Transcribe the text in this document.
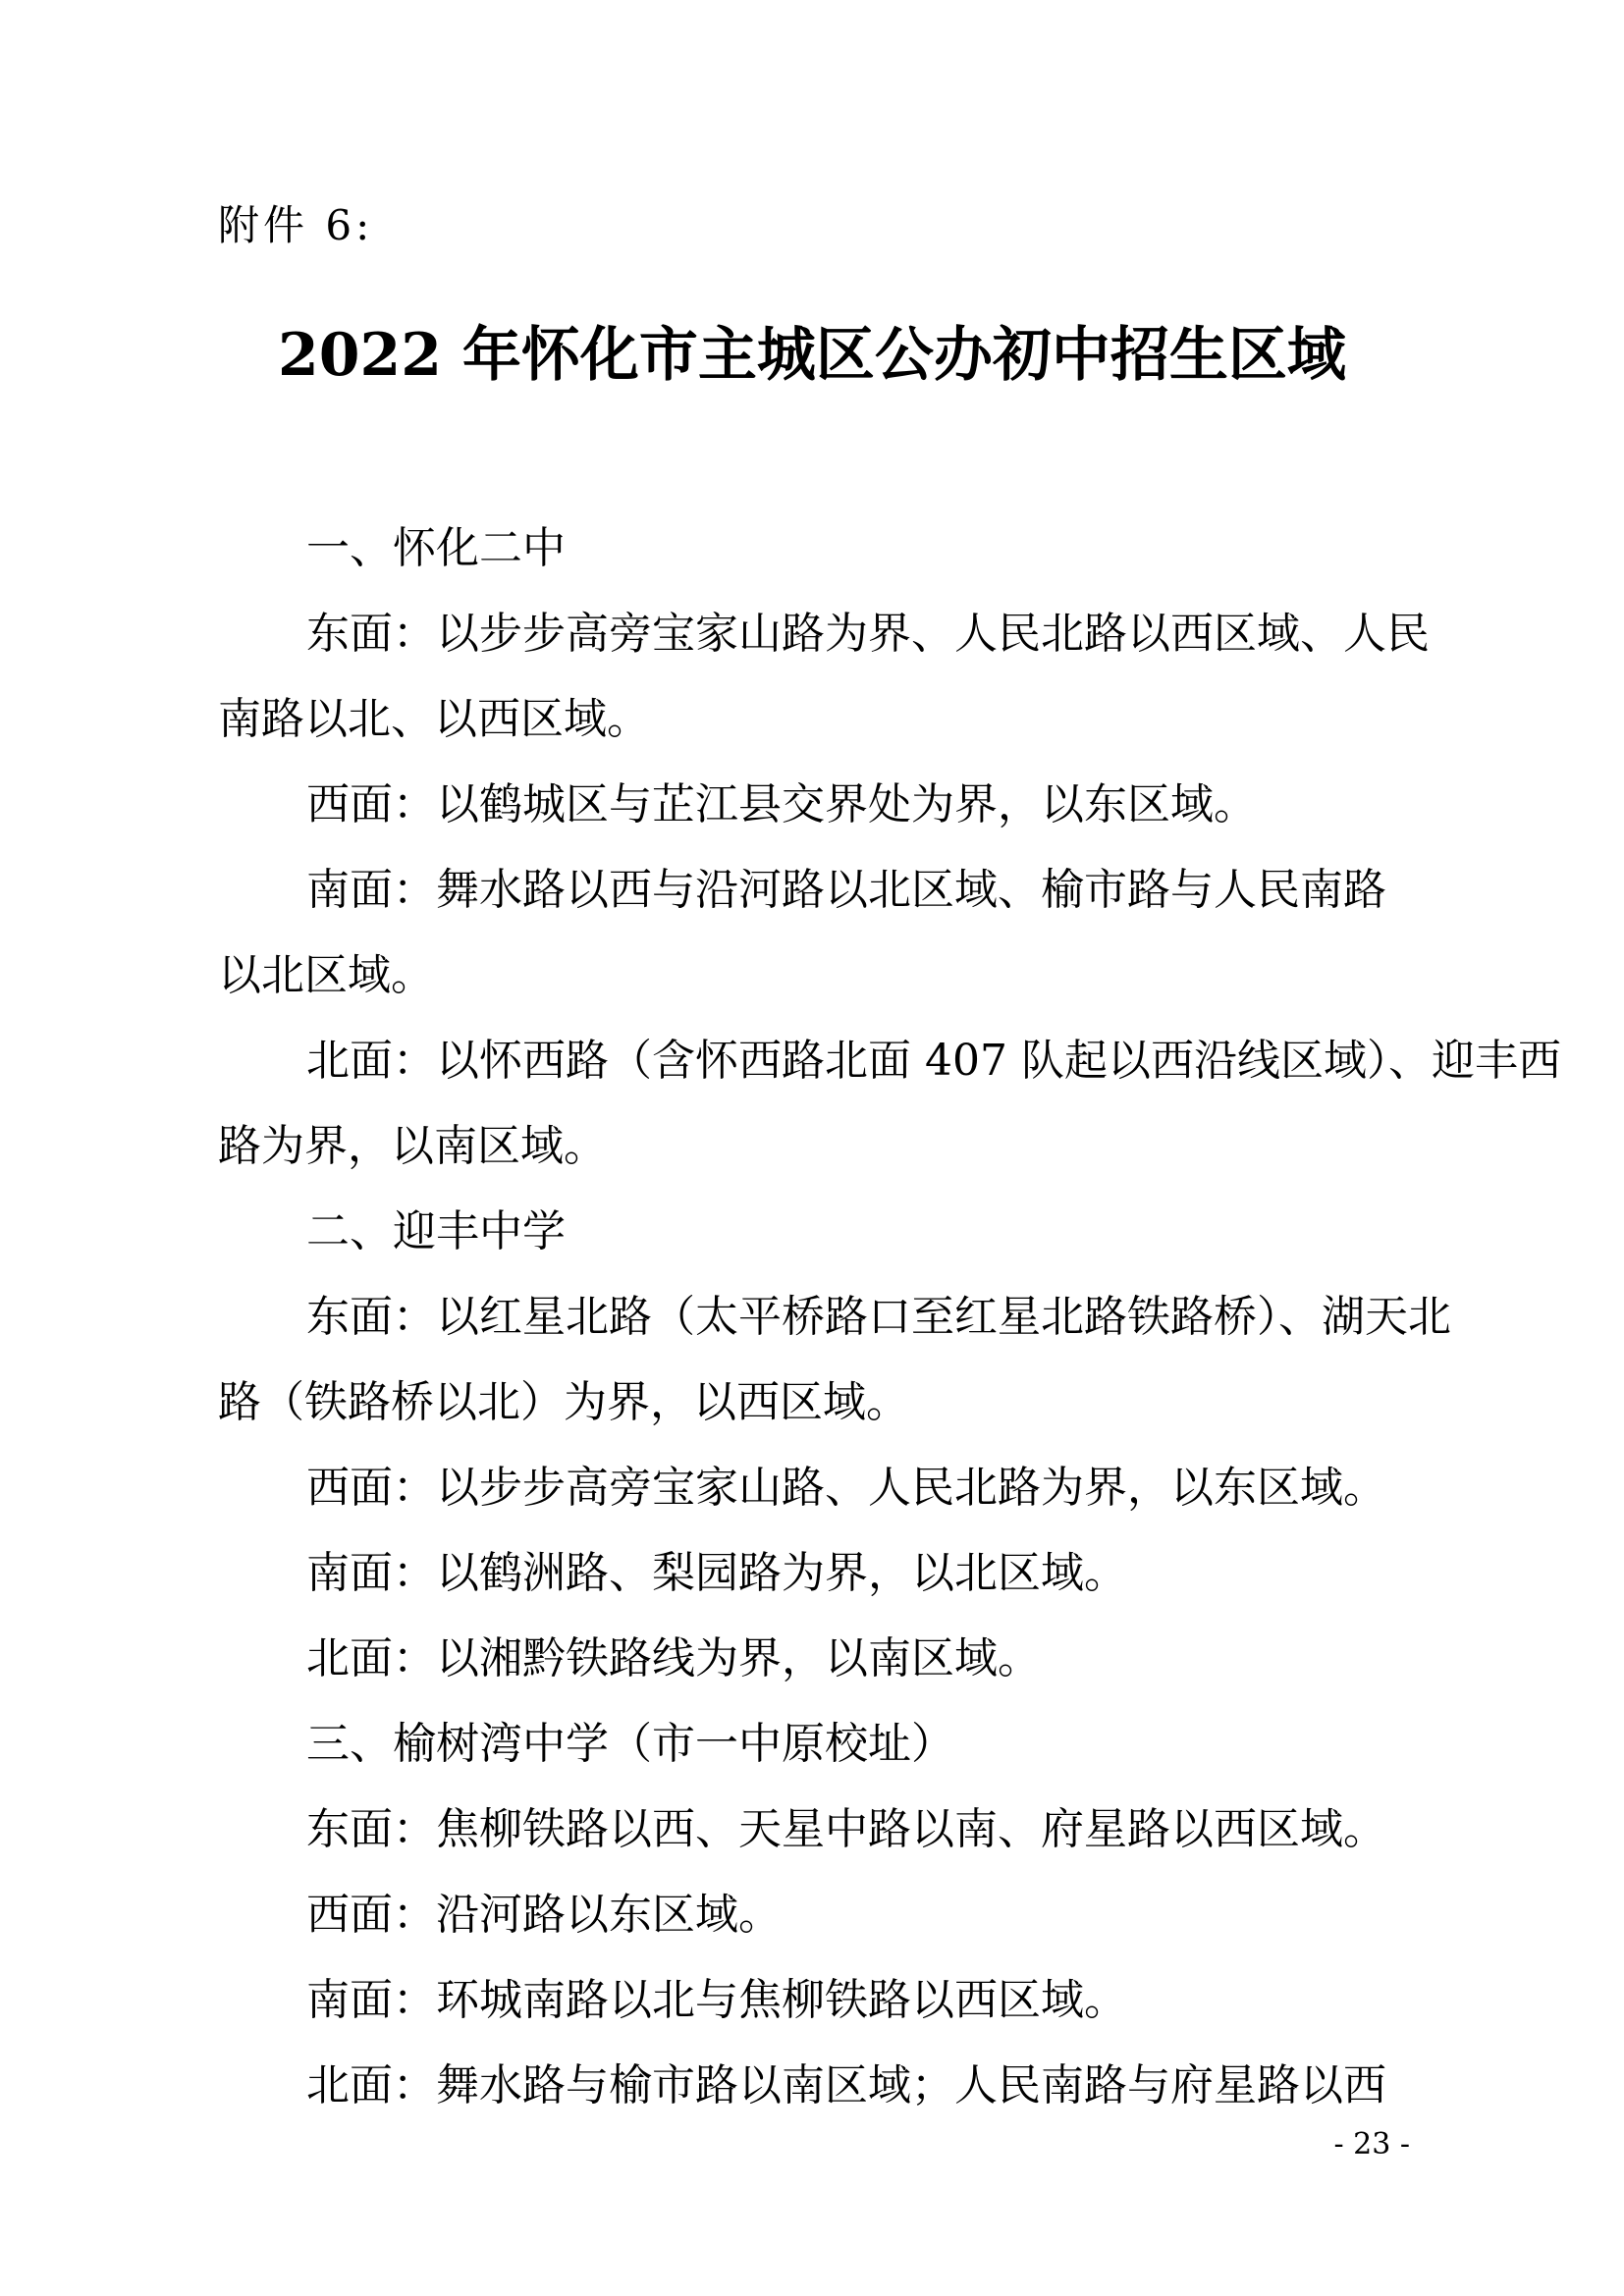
附件 6:
2022 年怀化市主城区公办初中招生区域
一、怀化二中
东面：以步步高旁宝家山路为界、人民北路以西区域、人民
南路以北、以西区域。
西面：以鹤城区与芷江县交界处为界，以东区域。
南面：舞水路以西与沿河路以北区域、榆市路与人民南路
以北区域。
北面：以怀西路（含怀西路北面 407 队起以西沿线区域）、迎丰西
路为界，以南区域。
二、迎丰中学
东面：以红星北路（太平桥路口至红星北路铁路桥）、湖天北
路（铁路桥以北）为界，以西区域。
西面：以步步高旁宝家山路、人民北路为界，以东区域。
南面：以鹤洲路、梨园路为界，以北区域。
北面：以湘黔铁路线为界，以南区域。
三、榆树湾中学（市一中原校址）
东面：焦柳铁路以西、天星中路以南、府星路以西区域。
西面：沿河路以东区域。
南面：环城南路以北与焦柳铁路以西区域。
北面：舞水路与榆市路以南区域；人民南路与府星路以西
- 23 -
